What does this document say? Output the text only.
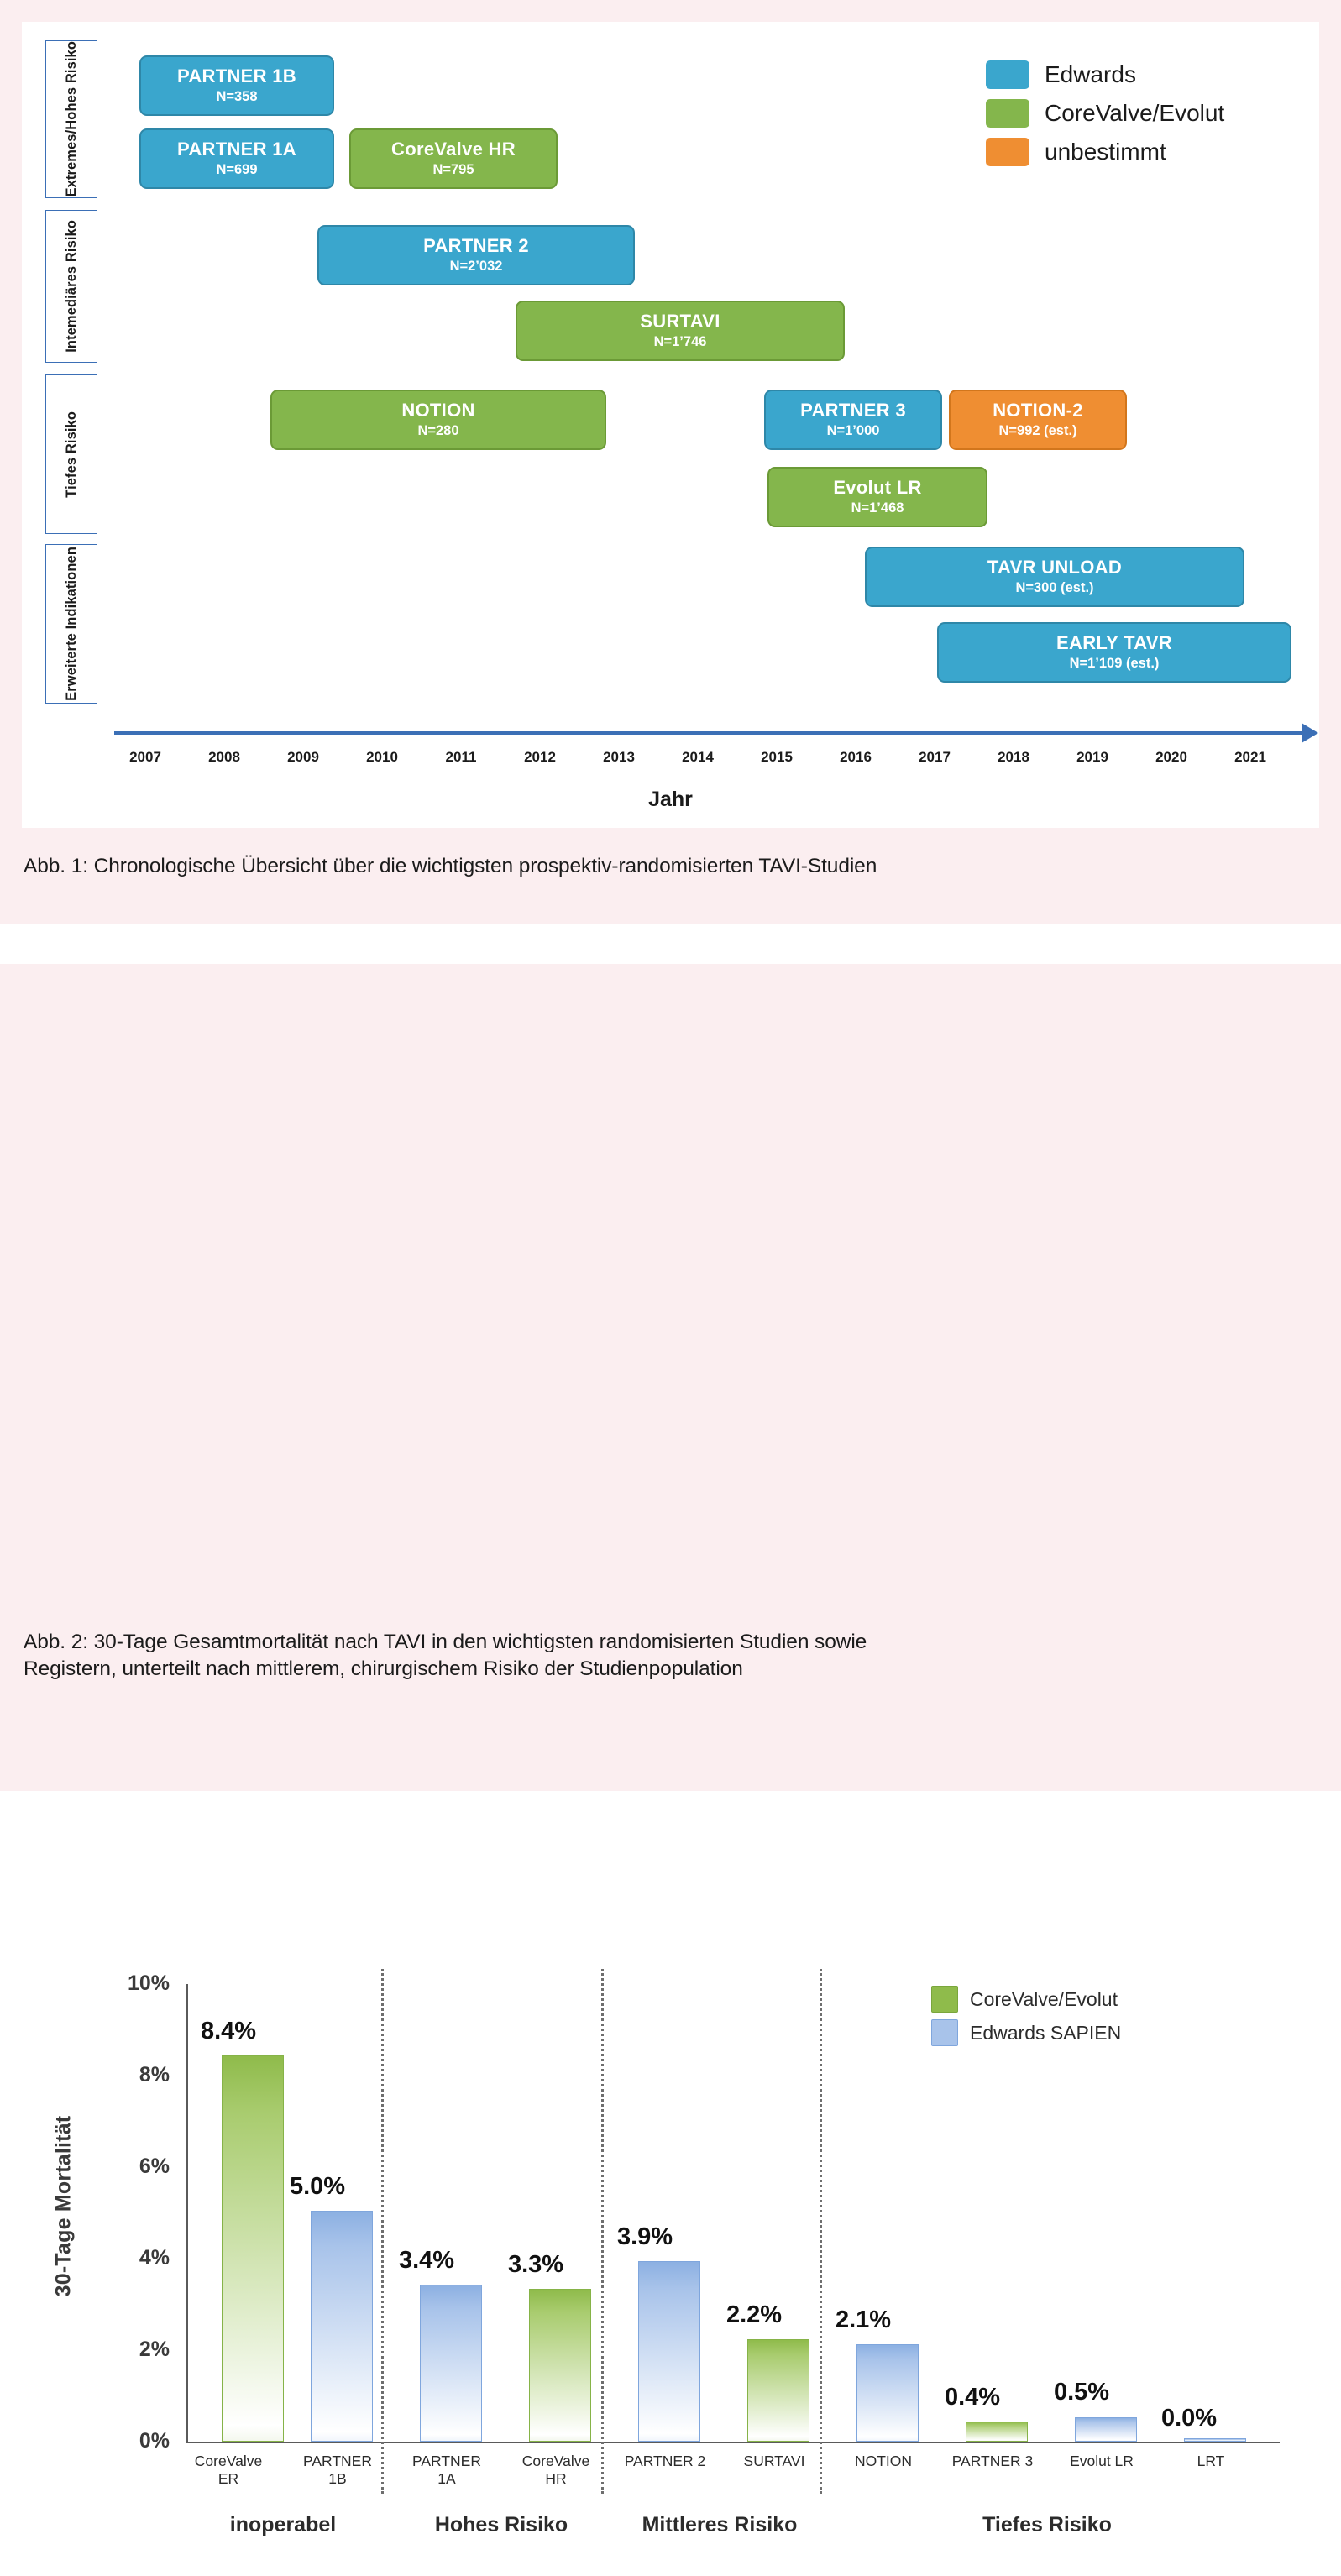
Extremes/Hohes Risiko
Intemediäres Risiko
Tiefes Risiko
Erweiterte Indikationen
PARTNER 1B
N=358
PARTNER 1A
N=699
CoreValve HR
N=795
PARTNER 2
N=2’032
SURTAVI
N=1’746
NOTION
N=280
PARTNER 3
N=1’000
NOTION-2
N=992 (est.)
Evolut LR
N=1’468
TAVR UNLOAD
N=300 (est.)
EARLY TAVR
N=1’109 (est.)
Edwards
CoreValve/Evolut
unbestimmt
2007	2008	2009	2010	2011	2012	2013	2014	2015	2016	2017	2018	2019	2020	2021
Jahr
Abb. 1: Chronologische Übersicht über die wichtigsten prospektiv-randomisierten TAVI-Studien
30-Tage Mortalität
10%
8%
6%
4%
2%
0%
8.4%
5.0%
3.4%	3.3%
3.9%
2.2%	2.1%
0.4%	0.5%
0.0%
CoreValve
ER
PARTNER
1B
PARTNER
1A
CoreValve
HR
PARTNER 2	SURTAVI	NOTION	PARTNER 3	Evolut LR	LRT
inoperabel	Hohes Risiko	Mittleres Risiko	Tiefes Risiko
CoreValve/Evolut
Edwards SAPIEN
Abb. 2: 30-Tage Gesamtmortalität nach TAVI in den wichtigsten randomisierten Studien sowie
Registern, unterteilt nach mittlerem, chirurgischem Risiko der Studienpopulation
